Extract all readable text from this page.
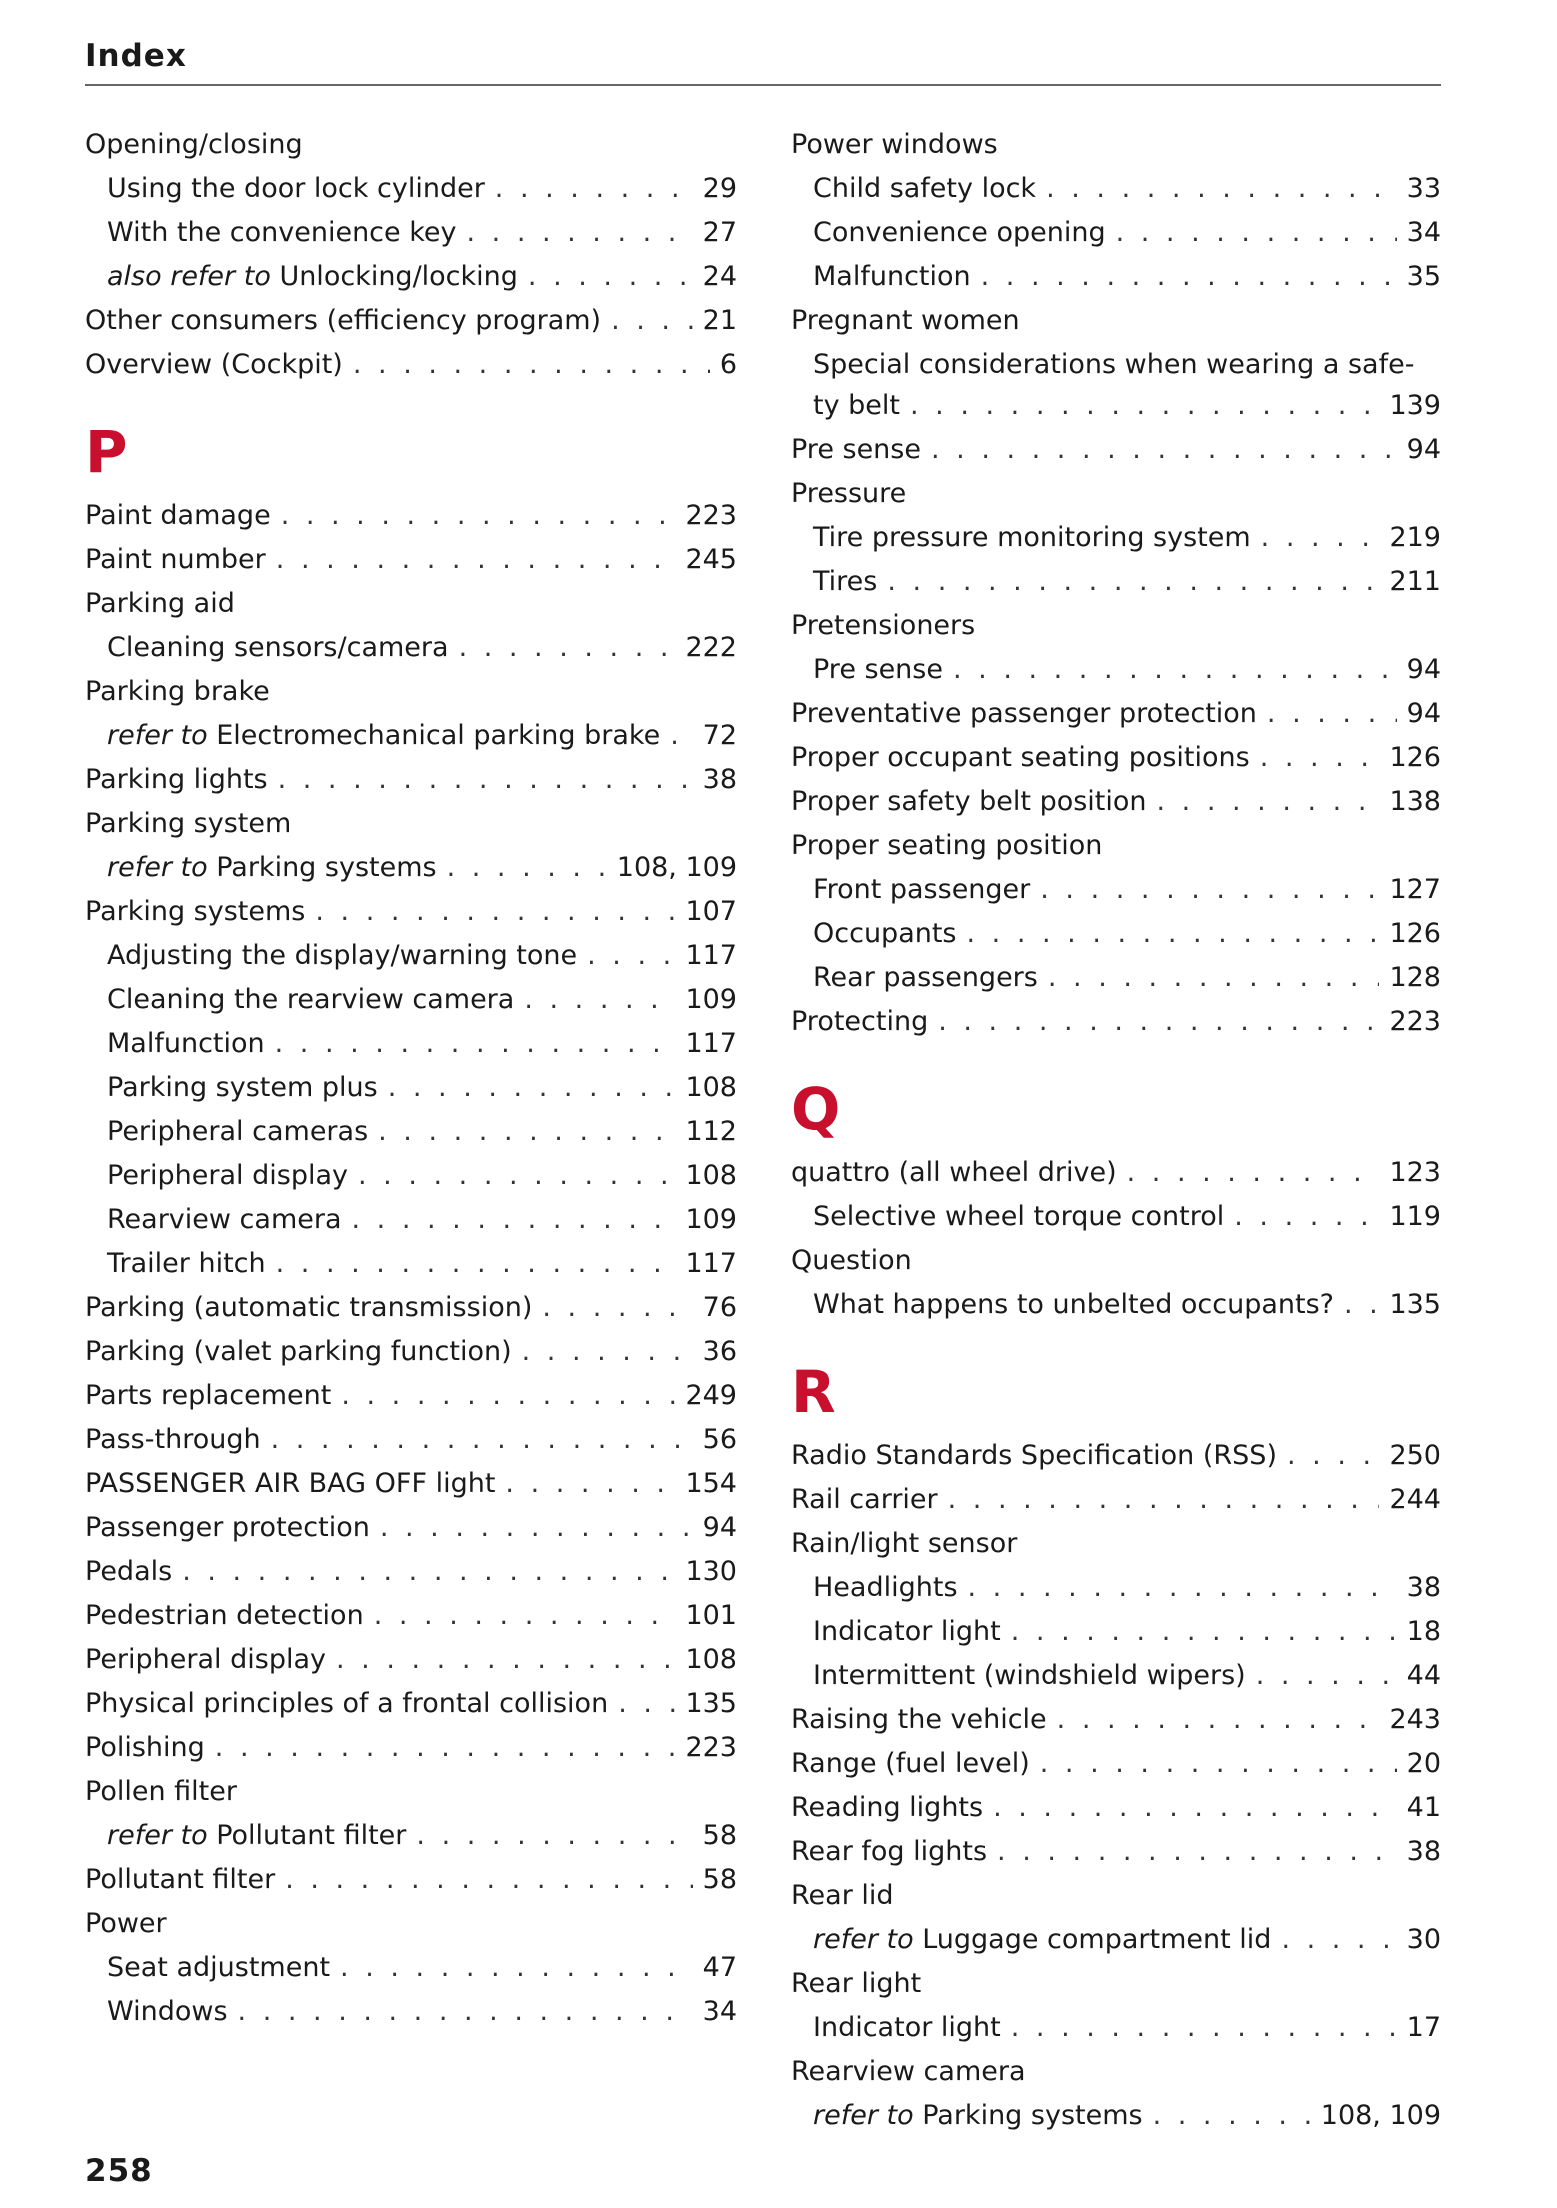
Index
Opening/closing
Using the door lock cylinder . . .	29
With the convenience key . . .	27
also refer to Unlocking/locking . . .	24
Other consumers (efficiency program) . . .	21
Overview (Cockpit) . . .	6
P
Paint damage . . .	223
Paint number . . .	245
Parking aid
Cleaning sensors/camera . . .	222
Parking brake
refer to Electromechanical parking brake . . . 72
Parking lights . . .	38
Parking system
refer to Parking systems . . .	108, 109
Parking systems . . .	107
Adjusting the display/warning tone . . .	117
Cleaning the rearview camera . . .	109
Malfunction . . .	117
Parking system plus . . .	108
Peripheral cameras . . .	112
Peripheral display . . .	108
Rearview camera . . .	109
Trailer hitch . . .	117
Parking (automatic transmission) . . .	76
Parking (valet parking function) . . .	36
Parts replacement . . .	249
Pass-through . . .	56
PASSENGER AIR BAG OFF light . . .	154
Passenger protection . . .	94
Pedals . . .	130
Pedestrian detection . . .	101
Peripheral display . . .	108
Physical principles of a frontal collision . . .	135
Polishing . . .	223
Pollen filter
refer to Pollutant filter . . .	58
Pollutant filter . . .	58
Power
Seat adjustment . . .	47
Windows . . .	34
Power windows
Child safety lock . . .	33
Convenience opening . . .	34
Malfunction . . .	35
Pregnant women
Special considerations when wearing a safe-
ty belt . . .	139
Pre sense . . .	94
Pressure
Tire pressure monitoring system . . .	219
Tires . . .	211
Pretensioners
Pre sense . . .	94
Preventative passenger protection . . .	94
Proper occupant seating positions . . .	126
Proper safety belt position . . .	138
Proper seating position
Front passenger . . .	127
Occupants . . .	126
Rear passengers . . .	128
Protecting . . .	223
Q
quattro (all wheel drive) . . .	123
Selective wheel torque control . . .	119
Question
What happens to unbelted occupants? . . . 135
R
Radio Standards Specification (RSS) . . .	250
Rail carrier . . .	244
Rain/light sensor
Headlights . . .	38
Indicator light . . .	18
Intermittent (windshield wipers) . . .	44
Raising the vehicle . . .	243
Range (fuel level) . . .	20
Reading lights . . .	41
Rear fog lights . . .	38
Rear lid
refer to Luggage compartment lid . . .	30
Rear light
Indicator light . . .	17
Rearview camera
refer to Parking systems . . .	108, 109
258
